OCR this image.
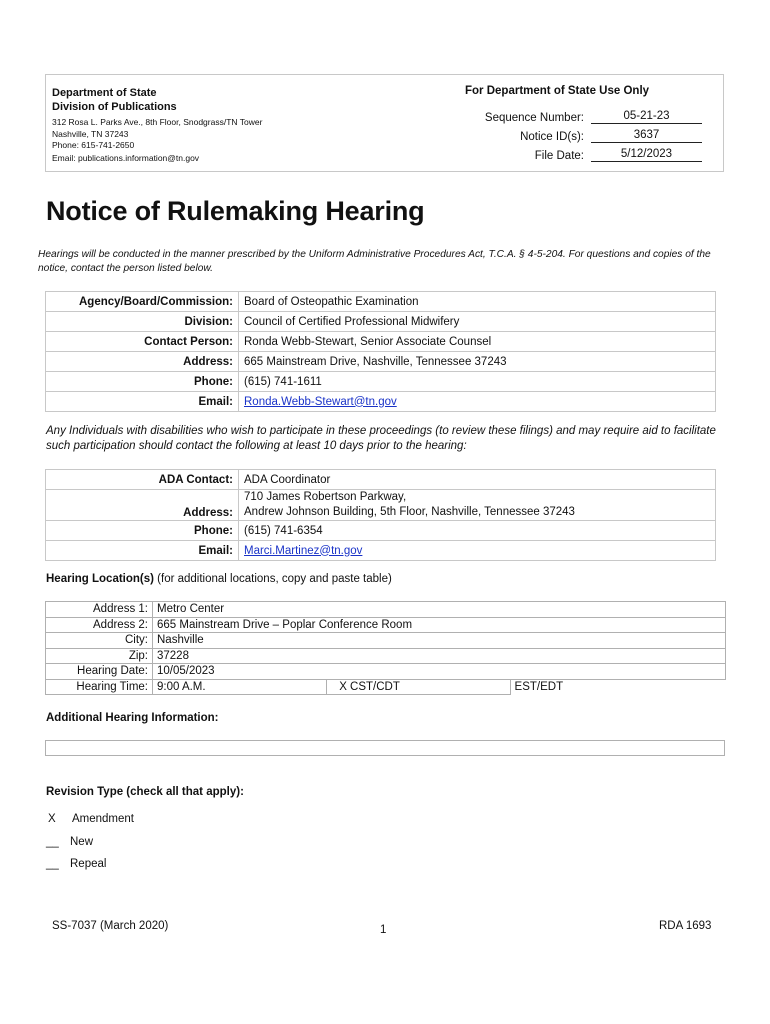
Department of State
Division of Publications
312 Rosa L. Parks Ave., 8th Floor, Snodgrass/TN Tower
Nashville, TN 37243
Phone: 615-741-2650
Email: publications.information@tn.gov
For Department of State Use Only
Sequence Number:	05-21-23
Notice ID(s):	3637
File Date:	5/12/2023
Notice of Rulemaking Hearing
Hearings will be conducted in the manner prescribed by the Uniform Administrative Procedures Act, T.C.A. § 4-5-204. For questions and copies of the notice, contact the person listed below.
Agency/Board/Commission:	Board of Osteopathic Examination
Division:	Council of Certified Professional Midwifery
Contact Person:	Ronda Webb-Stewart, Senior Associate Counsel
Address:	665 Mainstream Drive, Nashville, Tennessee 37243
Phone:	(615) 741-1611
Email:	Ronda.Webb-Stewart@tn.gov
Any Individuals with disabilities who wish to participate in these proceedings (to review these filings) and may require aid to facilitate such participation should contact the following at least 10 days prior to the hearing:
ADA Contact:	ADA Coordinator
Address:	710 James Robertson Parkway,
Andrew Johnson Building, 5th Floor, Nashville, Tennessee 37243

Phone:	(615) 741-6354
Email:	Marci.Martinez@tn.gov
Hearing Location(s) (for additional locations, copy and paste table)
Address 1:	Metro Center		
Address 2:	665 Mainstream Drive – Poplar Conference Room		
City:	Nashville		
Zip:	37228		
Hearing Date:	10/05/2023		
Hearing Time:	9:00 A.M.	X CST/CDT	EST/EDT
Additional Hearing Information:
Revision Type (check all that apply):
X Amendment
__ New
__ Repeal
SS-7037 (March 2020)	1	RDA 1693
